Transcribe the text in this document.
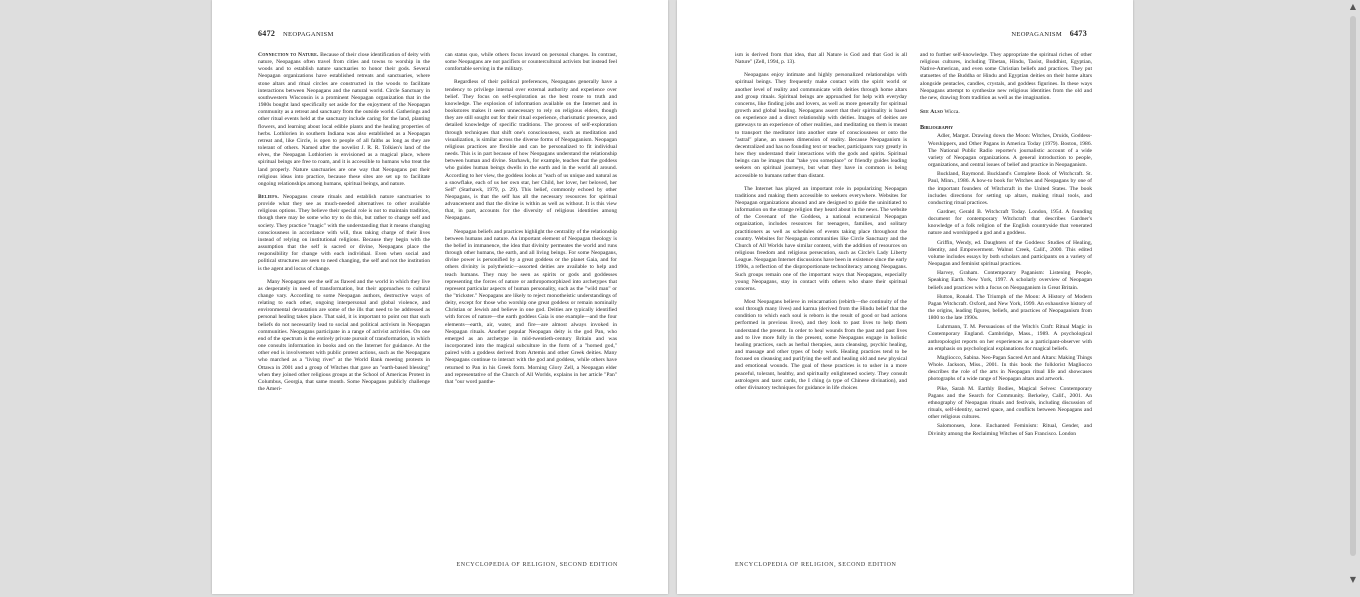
6472 NEOPAGANISM

Connection to Nature. Because of their close identification of deity with nature, Neopagans often travel from cities and towns to worship in the woods and to establish nature sanctuaries to honor their gods. Several Neopagan organizations have established retreats and sanctuaries, where stone altars and ritual circles are constructed in the woods to facilitate interactions between Neopagans and the natural world. Circle Sanctuary in southwestern Wisconsin is a prominent Neopagan organization that in the 1980s bought land specifically set aside for the enjoyment of the Neopagan community as a retreat and sanctuary from the outside world. Gatherings and other ritual events held at the sanctuary include caring for the land, planting flowers, and learning about local edible plants and the healing properties of herbs. Lothlorien in southern Indiana was also established as a Neopagan retreat and, like Circle, is open to people of all faiths as long as they are tolerant of others. Named after the novelist J. R. R. Tolkien's land of the elves, the Neopagan Lothlorien is envisioned as a magical place, where spiritual beings are free to roam, and it is accessible to humans who treat the land properly. Nature sanctuaries are one way that Neopagans put their religious ideas into practice, because these sites are set up to facilitate ongoing relationships among humans, spiritual beings, and nature.

Beliefs. Neopagans create rituals and establish nature sanctuaries to provide what they see as much-needed alternatives to other available religious options. They believe their special role is not to maintain tradition, though there may be some who try to do this, but rather to change self and society. They practice "magic" with the understanding that it means changing consciousness in accordance with will, thus taking charge of their lives instead of relying on institutional religions. Because they begin with the assumption that the self is sacred or divine, Neopagans place the responsibility for change with each individual. Even when social and political structures are seen to need changing, the self and not the institution is the agent and locus of change.

Many Neopagans see the self as flawed and the world in which they live as desperately in need of transformation, but their approaches to cultural change vary. According to some Neopagan authors, destructive ways of relating to each other, ongoing interpersonal and global violence, and environmental devastation are some of the ills that need to be addressed as personal healing takes place. That said, it is important to point out that such beliefs do not necessarily lead to social and political activism in Neopagan communities. Neopagans participate in a range of activist activities. On one end of the spectrum is the entirely private pursuit of transformation, in which one consults information in books and on the Internet for guidance. At the other end is involvement with public protest actions, such as the Neopagans who marched as a "living river" at the World Bank meeting protests in Ottawa in 2001 and a group of Witches that gave an "earth-based blessing" when they joined other religious groups at the School of Americas Protest in Columbus, Georgia, that same month. Some Neopagans publicly challenge the Ameri-

can status quo, while others focus inward on personal changes. In contrast, some Neopagans are not pacifists or countercultural activists but instead feel comfortable serving in the military.

Regardless of their political preferences, Neopagans generally have a tendency to privilege internal over external authority and experience over belief. They focus on self-exploration as the best route to truth and knowledge. The explosion of information available on the Internet and in bookstores makes it seem unnecessary to rely on religious elders, though they are still sought out for their ritual experience, charismatic presence, and detailed knowledge of specific traditions. The process of self-exploration through techniques that shift one's consciousness, such as meditation and visualization, is similar across the diverse forms of Neopaganism. Neopagan religious practices are flexible and can be personalized to fit individual needs. This is in part because of how Neopagans understand the relationship between human and divine. Starhawk, for example, teaches that the goddess who guides human beings dwells in the earth and in the world all around. According to her view, the goddess looks at "each of us unique and natural as a snowflake, each of us her own star, her Child, her lover, her beloved, her Self" (Starhawk, 1979, p. 29). This belief, commonly echoed by other Neopagans, is that the self has all the necessary resources for spiritual advancement and that the divine is within as well as without. It is this view that, in part, accounts for the diversity of religious identities among Neopagans.

Neopagan beliefs and practices highlight the centrality of the relationship between humans and nature. An important element of Neopagan theology is the belief in immanence, the idea that divinity permeates the world and runs through other humans, the earth, and all living beings. For some Neopagans, divine power is personified by a great goddess or the planet Gaia, and for others divinity is polytheistic—assorted deities are available to help and teach humans. They may be seen as spirits or gods and goddesses representing the forces of nature or anthropomorphized into archetypes that represent particular aspects of human personality, such as the "wild man" or the "trickster." Neopagans are likely to reject monotheistic understandings of deity, except for those who worship one great goddess or remain nominally Christian or Jewish and believe in one god. Deities are typically identified with forces of nature—the earth goddess Gaia is one example—and the four elements—earth, air, water, and fire—are almost always invoked in Neopagan rituals. Another popular Neopagan deity is the god Pan, who emerged as an archetype in mid-twentieth-century Britain and was incorporated into the magical subculture in the form of a "horned god," paired with a goddess derived from Artemis and other Greek deities. Many Neopagans continue to interact with the god and goddess, while others have returned to Pan in his Greek form. Morning Glory Zell, a Neopagan elder and representative of the Church of All Worlds, explains in her article "Pan" that "our word panthe-

ENCYCLOPEDIA OF RELIGION, SECOND EDITION
NEOPAGANISM 6473

ism is derived from that idea, that all Nature is God and that God is all Nature" (Zell, 1994, p. 13).

Neopagans enjoy intimate and highly personalized relationships with spiritual beings. They frequently make contact with the spirit world or another level of reality and communicate with deities through home altars and group rituals. Spiritual beings are approached for help with everyday concerns, like finding jobs and lovers, as well as more generally for spiritual growth and global healing. Neopagans assert that their spirituality is based on experience and a direct relationship with deities. Images of deities are gateways to an experience of other realities, and meditating on them is meant to transport the meditator into another state of consciousness or onto the "astral" plane, an unseen dimension of reality. Because Neopaganism is decentralized and has no founding text or teacher, participants vary greatly in how they understand their interactions with the gods and spirits. Spiritual beings can be images that "take you someplace" or friendly guides leading seekers on spiritual journeys, but what they have in common is being accessible to humans rather than distant.

The Internet has played an important role in popularizing Neopagan traditions and making them accessible to seekers everywhere. Websites for Neopagan organizations abound and are designed to guide the uninitiated to information on the strange religion they heard about in the news. The website of the Covenant of the Goddess, a national ecumenical Neopagan organization, includes resources for teenagers, families, and solitary practitioners as well as schedules of events taking place throughout the country. Websites for Neopagan communities like Circle Sanctuary and the Church of All Worlds have similar content, with the addition of resources on religious freedom and religious persecution, such as Circle's Lady Liberty League. Neopagan Internet discussions have been in existence since the early 1990s, a reflection of the disproportionate technoliteracy among Neopagans. Such groups remain one of the important ways that Neopagans, especially young Neopagans, stay in contact with others who share their spiritual concerns.

Most Neopagans believe in reincarnation (rebirth—the continuity of the soul through many lives) and karma (derived from the Hindu belief that the condition to which each soul is reborn is the result of good or bad actions performed in previous lives), and they look to past lives to help them understand the present. In order to heal wounds from the past and past lives and to live more fully in the present, some Neopagans engage in holistic healing practices, such as herbal therapies, aura cleansing, psychic healing, and massage and other types of body work. Healing practices tend to be focused on cleansing and purifying the self and healing old and new physical and emotional wounds. The goal of these practices is to usher in a more peaceful, tolerant, healthy, and spiritually enlightened society. They consult astrologers and tarot cards, the I ching (a type of Chinese divination), and other divinatory techniques for guidance in life choices

and to further self-knowledge. They appropriate the spiritual riches of other religious cultures, including Tibetan, Hindu, Taoist, Buddhist, Egyptian, Native-American, and even some Christian beliefs and practices. They put statuettes of the Buddha or Hindu and Egyptian deities on their home altars alongside pentacles, candles, crystals, and goddess figurines. In these ways Neopagans attempt to synthesize new religious identities from the old and the new, drawing from tradition as well as the imagination.

See Also Wicca.

Bibliography

Adler, Margot. Drawing down the Moon: Witches, Druids, Goddess-Worshippers, and Other Pagans in America Today (1979). Boston, 1986. The National Public Radio reporter's journalistic account of a wide variety of Neopagan organizations. A general introduction to people, organizations, and central issues of belief and practice in Neopaganism.

Buckland, Raymond. Buckland's Complete Book of Witchcraft. St. Paul, Minn., 1986. A how-to book for Witches and Neopagans by one of the important founders of Witchcraft in the United States. The book includes directions for setting up altars, making ritual tools, and conducting ritual practices.

Gardner, Gerald B. Witchcraft Today. London, 1954. A founding document for contemporary Witchcraft that describes Gardner's knowledge of a folk religion of the English countryside that venerated nature and worshipped a god and a goddess.

Griffin, Wendy, ed. Daughters of the Goddess: Studies of Healing, Identity, and Empowerment. Walnut Creek, Calif., 2000. This edited volume includes essays by both scholars and participants on a variety of Neopagan and feminist spiritual practices.

Harvey, Graham. Contemporary Paganism: Listening People, Speaking Earth. New York, 1997. A scholarly overview of Neopagan beliefs and practices with a focus on Neopaganism in Great Britain.

Hutton, Ronald. The Triumph of the Moon: A History of Modern Pagan Witchcraft. Oxford, and New York, 1999. An exhaustive history of the origins, leading figures, beliefs, and practices of Neopaganism from 1800 to the late 1990s.

Luhrmann, T. M. Persuasions of the Witch's Craft: Ritual Magic in Contemporary England. Cambridge, Mass., 1989. A psychological anthropologist reports on her experiences as a participant-observer with an emphasis on psychological explanations for magical beliefs.

Magliocco, Sabina. Neo-Pagan Sacred Art and Altars: Making Things Whole. Jackson, Miss., 2001. In this book the folklorist Magliocco describes the role of the arts in Neopagan ritual life and showcases photographs of a wide range of Neopagan altars and artwork.

Pike, Sarah M. Earthly Bodies, Magical Selves: Contemporary Pagans and the Search for Community. Berkeley, Calif., 2001. An ethnography of Neopagan rituals and festivals, including discussion of rituals, self-identity, sacred space, and conflicts between Neopagans and other religious cultures.

Salomonsen, Jone. Enchanted Feminism: Ritual, Gender, and Divinity among the Reclaiming Witches of San Francisco. London

ENCYCLOPEDIA OF RELIGION, SECOND EDITION
▲
▼
